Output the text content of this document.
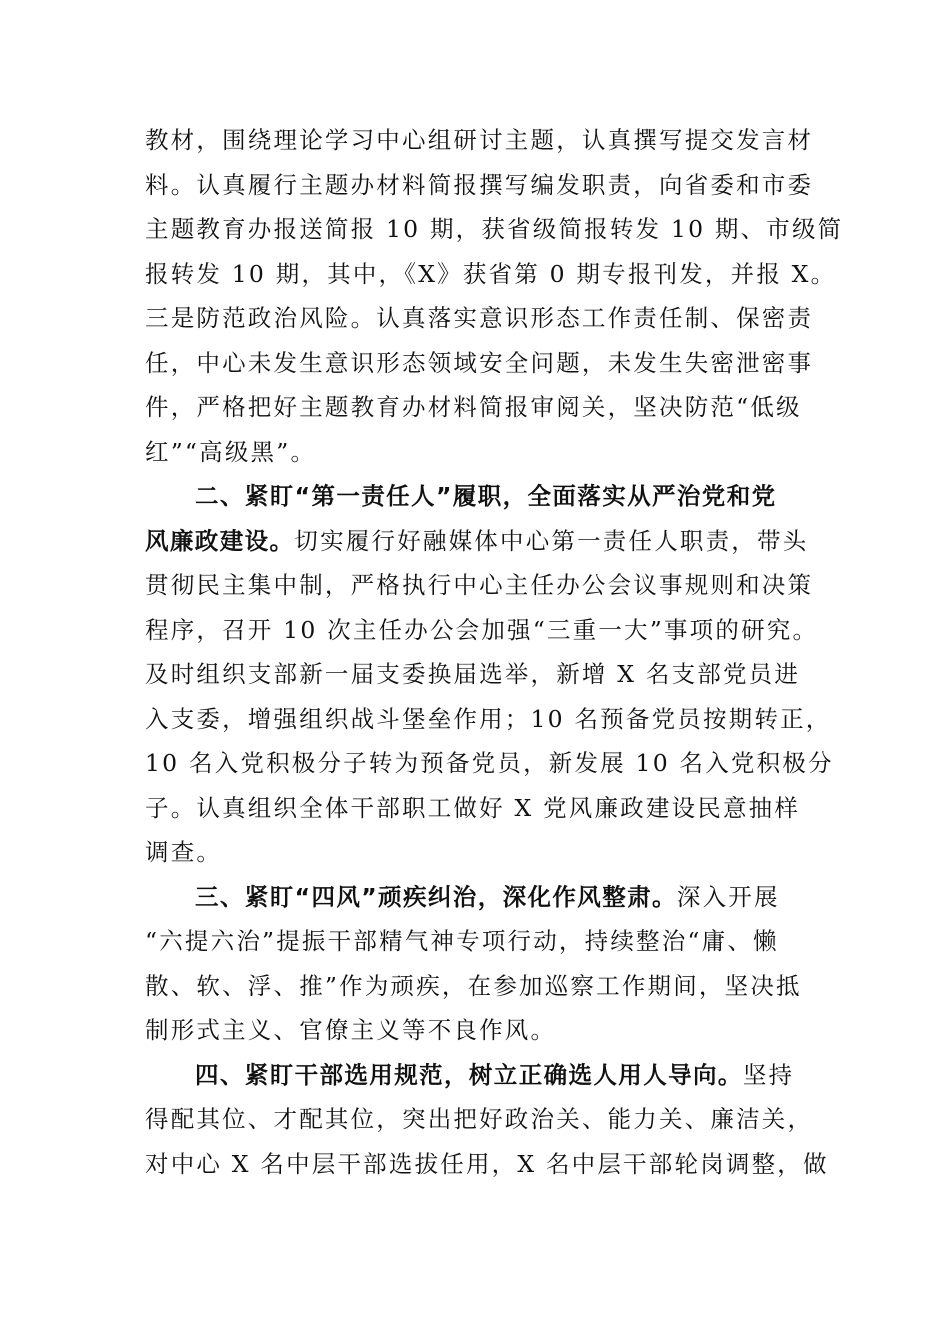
教材，围绕理论学习中心组研讨主题，认真撰写提交发言材
料。认真履行主题办材料简报撰写编发职责，向省委和市委
主题教育办报送简报 10 期，获省级简报转发 10 期、市级简
报转发 10 期，其中，《X》获省第 0 期专报刊发，并报 X。
三是防范政治风险。认真落实意识形态工作责任制、保密责
任，中心未发生意识形态领域安全问题，未发生失密泄密事
件，严格把好主题教育办材料简报审阅关，坚决防范“低级
红”“高级黑”。
二、紧盯“第一责任人”履职，全面落实从严治党和党
风廉政建设。切实履行好融媒体中心第一责任人职责，带头
贯彻民主集中制，严格执行中心主任办公会议事规则和决策
程序，召开 10 次主任办公会加强“三重一大”事项的研究。
及时组织支部新一届支委换届选举，新增 X 名支部党员进
入支委，增强组织战斗堡垒作用；10 名预备党员按期转正，
10 名入党积极分子转为预备党员，新发展 10 名入党积极分
子。认真组织全体干部职工做好 X 党风廉政建设民意抽样
调查。
三、紧盯“四风”顽疾纠治，深化作风整肃。深入开展
“六提六治”提振干部精气神专项行动，持续整治“庸、懒
散、软、浮、推”作为顽疾，在参加巡察工作期间，坚决抵
制形式主义、官僚主义等不良作风。
四、紧盯干部选用规范，树立正确选人用人导向。坚持
得配其位、才配其位，突出把好政治关、能力关、廉洁关，
对中心 X 名中层干部选拔任用，X 名中层干部轮岗调整，做
